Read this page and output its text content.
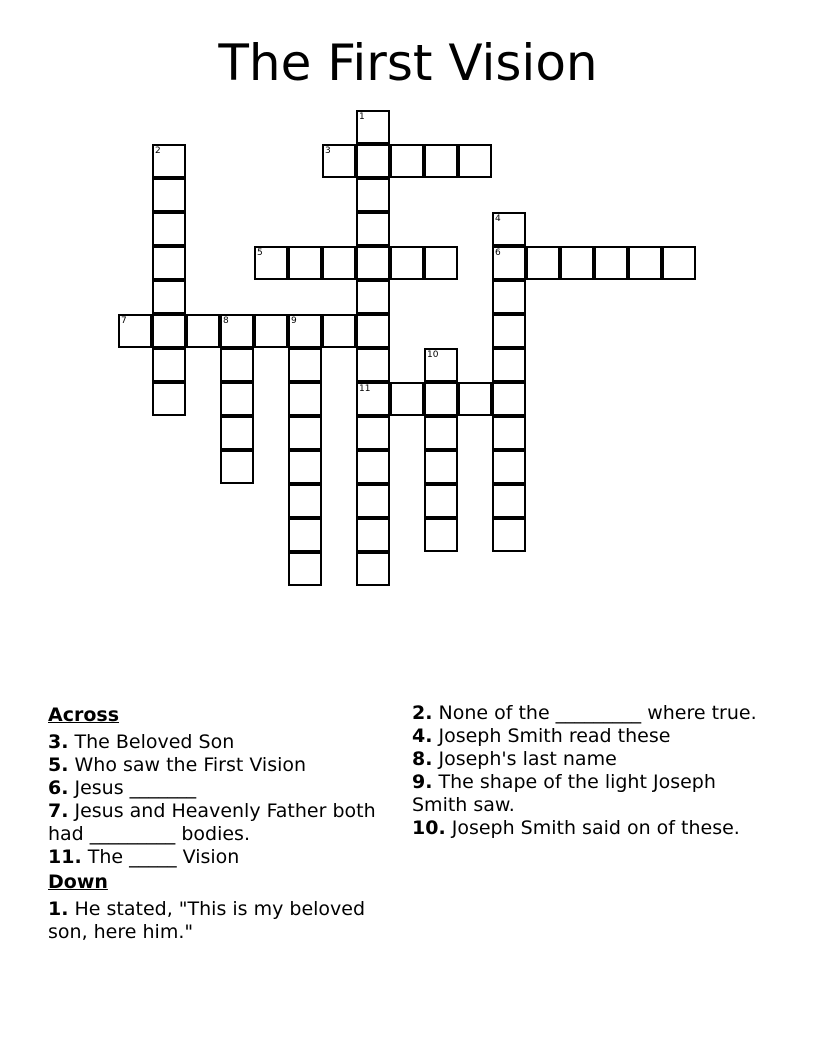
The First Vision
1
11
2	3
4
6
5
7	8	9
10
Across
3. The Beloved Son
5. Who saw the First Vision
6. Jesus _______
7. Jesus and Heavenly Father both had _________ bodies.
11. The _____ Vision
Down
1. He stated, "This is my beloved son, here him."
2. None of the _________ where true.
4. Joseph Smith read these
8. Joseph's last name
9. The shape of the light Joseph Smith saw.
10. Joseph Smith said on of these.
